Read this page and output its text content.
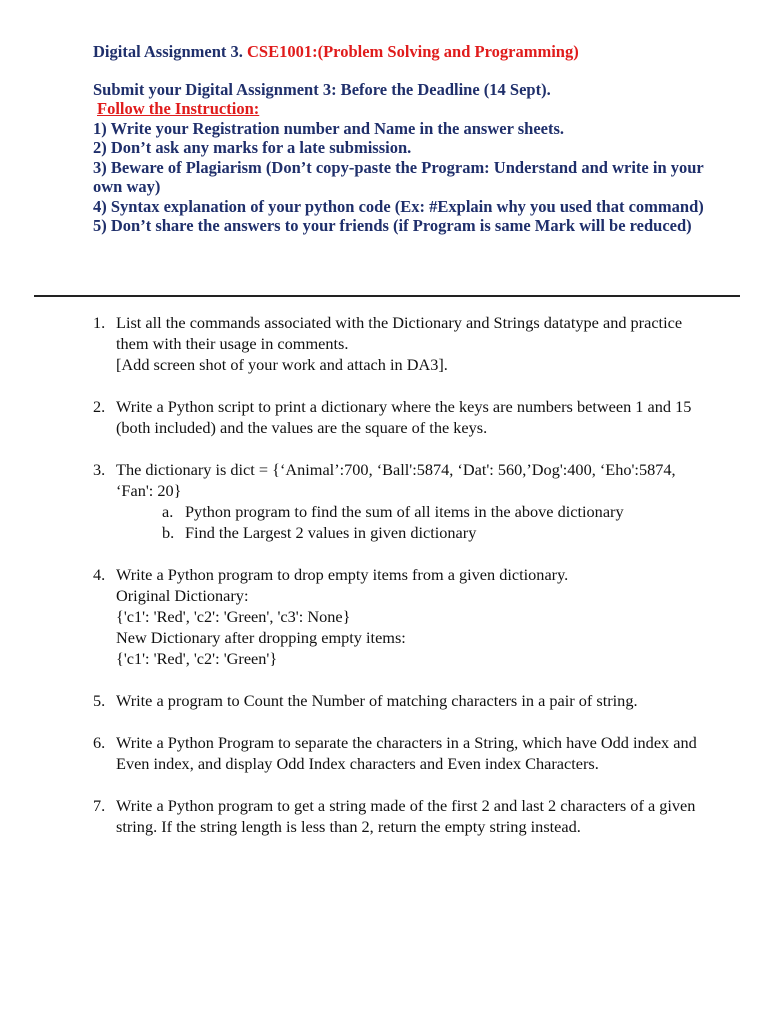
Digital Assignment 3. CSE1001:(Problem Solving and Programming)

Submit your Digital Assignment 3: Before the Deadline (14 Sept).

Follow the Instruction:

1) Write your Registration number and Name in the answer sheets.

2) Don’t ask any marks for a late submission.

3) Beware of Plagiarism (Don’t copy-paste the Program: Understand and write in your own way)

4) Syntax explanation of your python code (Ex: #Explain why you used that command)

5) Don’t share the answers to your friends (if Program is same Mark will be reduced)

1. List all the commands associated with the Dictionary and Strings datatype and practice them with their usage in comments.

[Add screen shot of your work and attach in DA3].

2. Write a Python script to print a dictionary where the keys are numbers between 1 and 15 (both included) and the values are the square of the keys.

3. The dictionary is dict = {‘Animal’:700, ‘Ball':5874, ‘Dat': 560,’Dog':400, ‘Eho':5874, ‘Fan': 20}

a. Python program to find the sum of all items in the above dictionary
b. Find the Largest 2 values in given dictionary
4. Write a Python program to drop empty items from a given dictionary.

Original Dictionary:

{'c1': 'Red', 'c2': 'Green', 'c3': None}

New Dictionary after dropping empty items:

{'c1': 'Red', 'c2': 'Green'}

5. Write a program to Count the Number of matching characters in a pair of string.

6. Write a Python Program to separate the characters in a String, which have Odd index and Even index, and display Odd Index characters and Even index Characters.

7. Write a Python program to get a string made of the first 2 and last 2 characters of a given string. If the string length is less than 2, return the empty string instead.
